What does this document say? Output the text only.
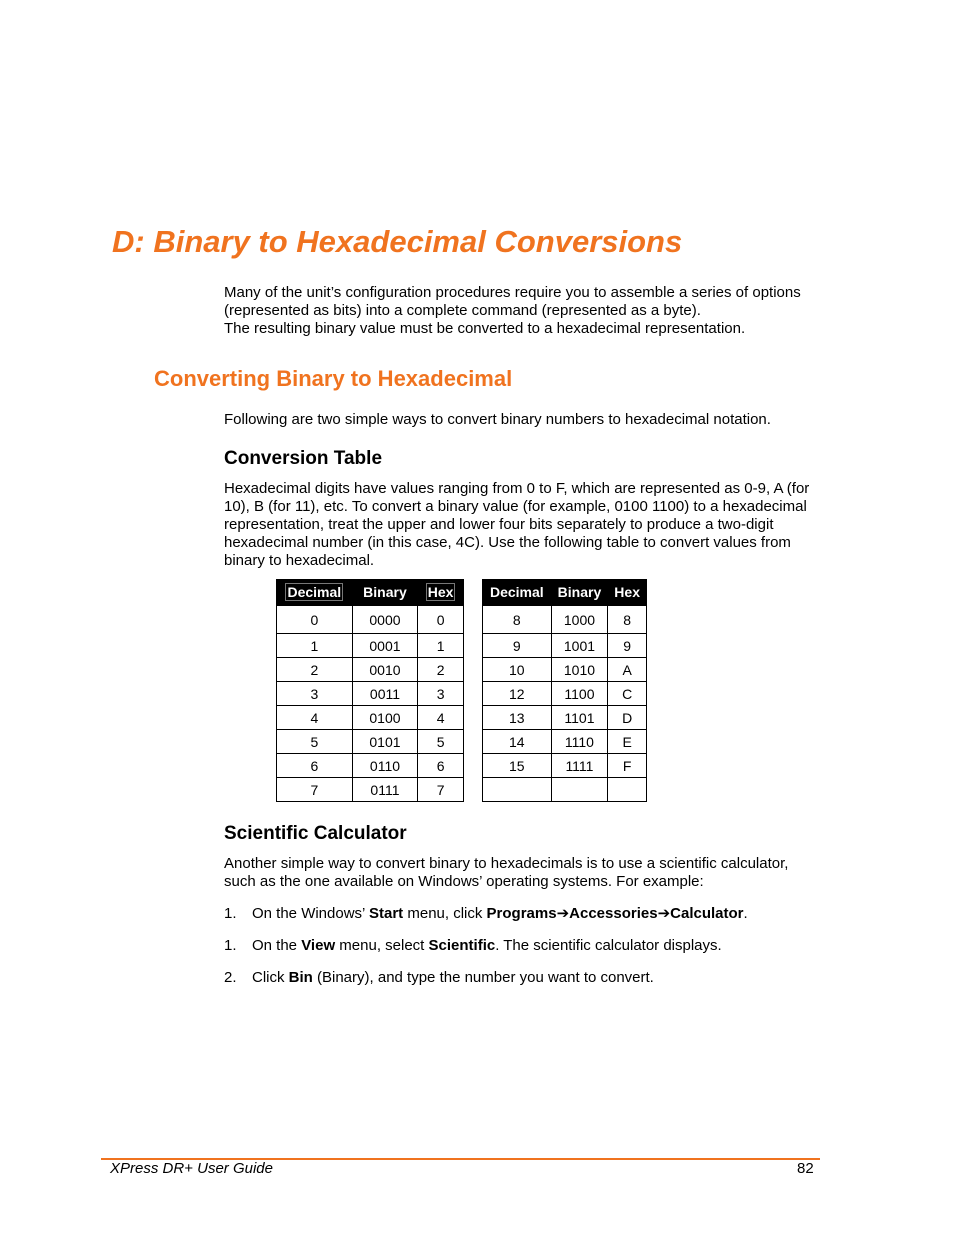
D: Binary to Hexadecimal Conversions
Many of the unit’s configuration procedures require you to assemble a series of options
(represented as bits) into a complete command (represented as a byte).
The resulting binary value must be converted to a hexadecimal representation.
Converting Binary to Hexadecimal
Following are two simple ways to convert binary numbers to hexadecimal notation.
Conversion Table
Hexadecimal digits have values ranging from 0 to F, which are represented as 0-9, A (for
10), B (for 11), etc. To convert a binary value (for example, 0100 1100) to a hexadecimal
representation, treat the upper and lower four bits separately to produce a two-digit
hexadecimal number (in this case, 4C). Use the following table to convert values from
binary to hexadecimal.
Decimal	Binary	Hex
0	0000	0
1	0001	1
2	0010	2
3	0011	3
4	0100	4
5	0101	5
6	0110	6
7	0111	7
Decimal	Binary	Hex
8	1000	8
9	1001	9
10	1010	A
12	1100	C
13	1101	D
14	1110	E
15	1111	F

Scientific Calculator
Another simple way to convert binary to hexadecimals is to use a scientific calculator,
such as the one available on Windows’ operating systems. For example:
1. On the Windows’ Start menu, click Programs➔Accessories➔Calculator.
1. On the View menu, select Scientific. The scientific calculator displays.
2. Click Bin (Binary), and type the number you want to convert.
XPress DR+ User Guide	82
